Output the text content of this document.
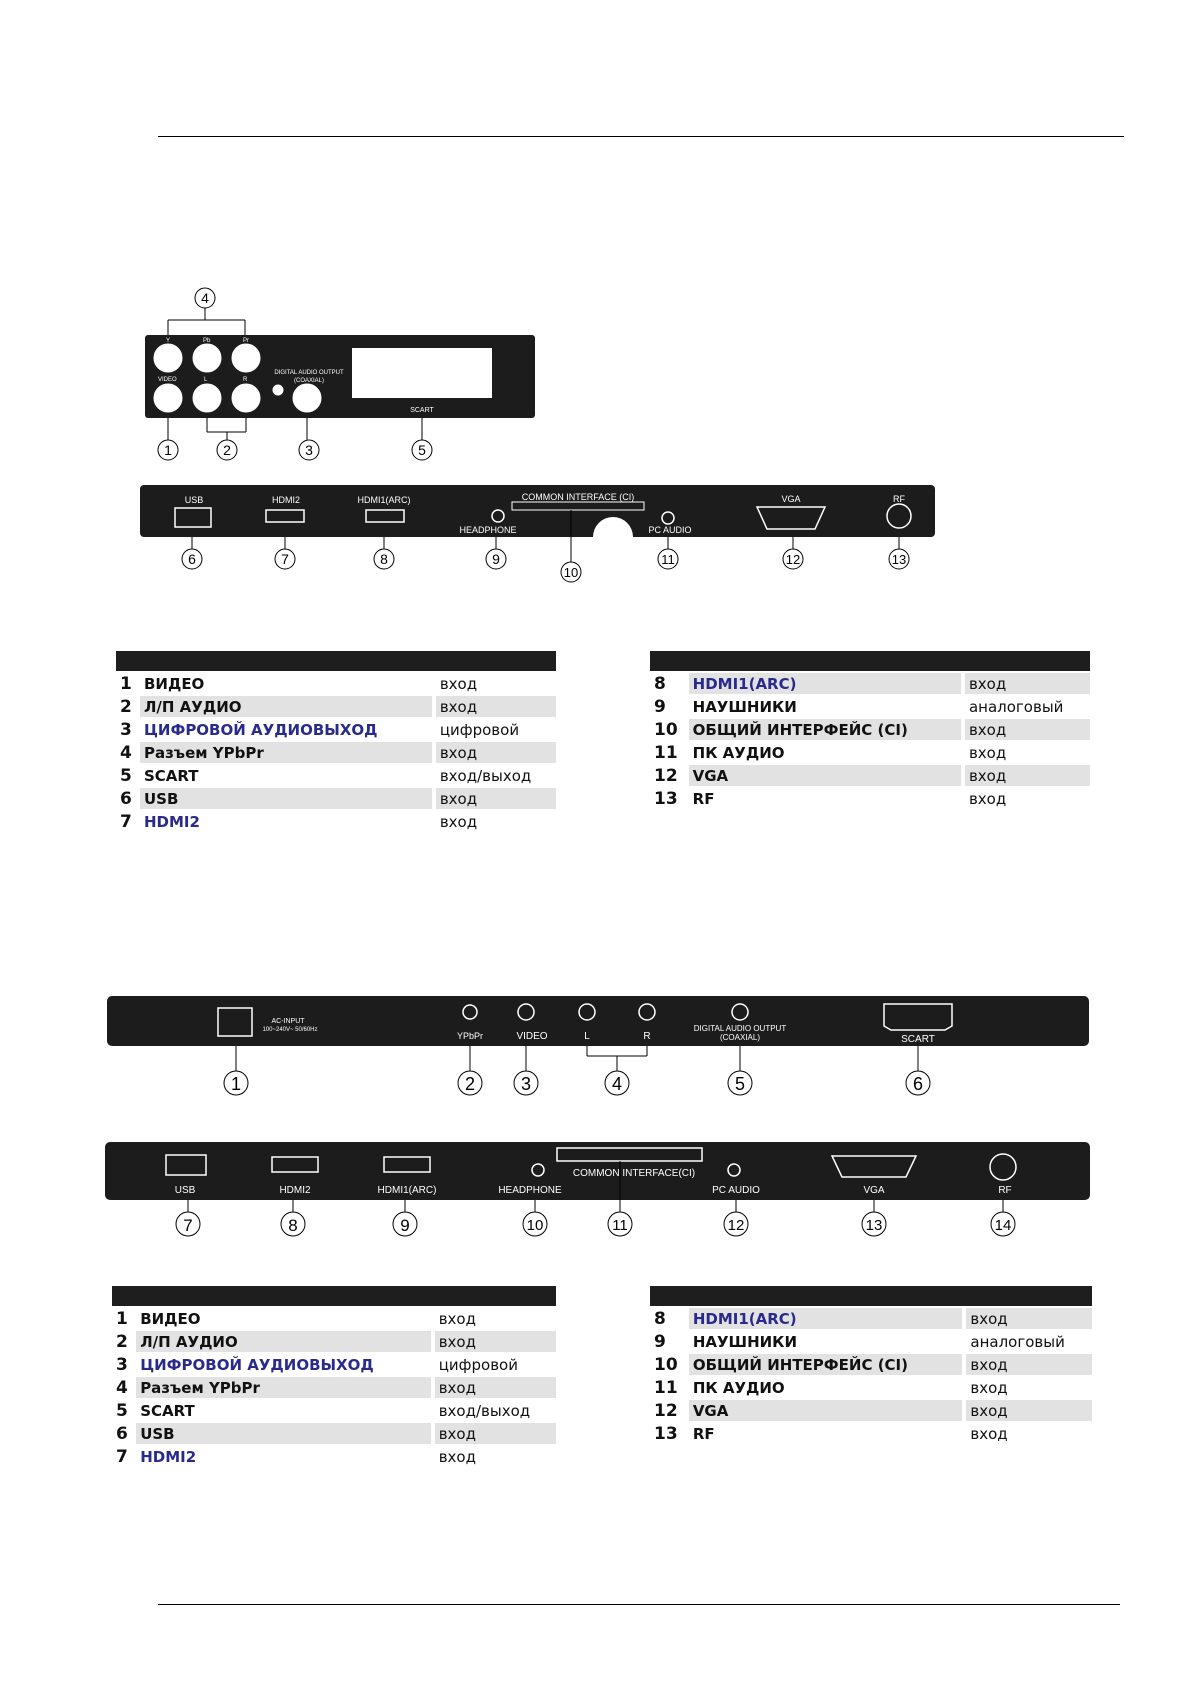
4
Y	Pb	Pr
VIDEO	L	R
DIGITAL AUDIO OUTPUT
(COAXIAL)
SCART
1	2	3	5
USB	HDMI2	HDMI1(ARC)	COMMON INTERFACE (CI)
HEADPHONE	PC AUDIO
VGA	RF
6	7	8	9
10
11	12	13

1	ВИДЕО		вход
2	Л/П АУДИО		вход
3	ЦИФРОВОЙ АУДИОВЫХОД		цифровой
4	Разъем YPbPr		вход
5	SCART		вход/выход
6	USB		вход
7	HDMI2		вход

8	HDMI1(ARC)		вход
9	НАУШНИКИ		аналоговый
10	ОБЩИЙ ИНТЕРФЕЙС (CI)		вход
11	ПК АУДИО		вход
12	VGA		вход
13	RF		вход
AC-INPUT
100~240V~ 50/60Hz
YPbPr	VIDEO	L	R
DIGITAL AUDIO OUTPUT
(COAXIAL)	SCART
1	2	3	4	5	6
USB	HDMI2	HDMI1(ARC)	HEADPHONE
COMMON INTERFACE(CI)
PC AUDIO	VGA	RF
7	8	9	10	11	12	13	14

1	ВИДЕО		вход
2	Л/П АУДИО		вход
3	ЦИФРОВОЙ АУДИОВЫХОД		цифровой
4	Разъем YPbPr		вход
5	SCART		вход/выход
6	USB		вход
7	HDMI2		вход

8	HDMI1(ARC)		вход
9	НАУШНИКИ		аналоговый
10	ОБЩИЙ ИНТЕРФЕЙС (CI)		вход
11	ПК АУДИО		вход
12	VGA		вход
13	RF		вход
